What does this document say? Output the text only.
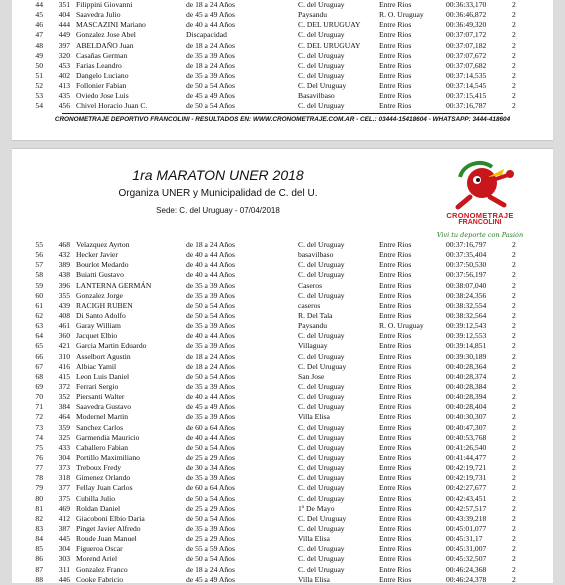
44	351 Filippini Giovanni	de 18 a 24 Años	C. del Uruguay	Entre Rios	00:36:33,170	2
45	404 Saavedra Julio	de 45 a 49 Años	Paysandu	R. O. Uruguay	00:36:46,872	2
46	444 MASCAZINI Mariano	de 40 a 44 Años	C. DEL URUGUAY Entre Rios	00:36:49,320	2
47	449 Gonzalez Jose Abel	Discapacidad	C. del Uruguay	Entre Rios	00:37:07,172	2
48	397 ABELDAÑO Juan	de 18 a 24 Años	C. DEL URUGUAY Entre Rios	00:37:07,182	2
49	320 Casañas German	de 35 a 39 Años	C. del Uruguay	Entre Rios	00:37:07,672	2
50	453 Farias Leandro	de 18 a 24 Años	C. del Uruguay	Entre Rios	00:37:07,682	2
51	402 Dangelo Luciano	de 35 a 39 Años	C. del Uruguay	Entre Rios	00:37:14,535	2
52	413 Follonier Fabian	de 50 a 54 Años	C. Del Uruguay	Entre Rios	00:37:14,545	2
53	435 Oviedo Jose Luis	de 45 a 49 Años	Basavilbaso	Entre Rios	00:37:15,415	2
54	456 Chivel Horacio Juan C.	de 50 a 54 Años	C. del Uruguay	Entre Rios	00:37:16,787	2
CRONOMETRAJE DEPORTIVO FRANCOLINI - RESULTADOS EN: WWW.CRONOMETRAJE.COM.AR - CEL.: 03444-15418604 - WHATSAPP: 3444-418604
1ra MARATON UNER 2018
Organiza UNER y Municipalidad de C. del U.
Sede: C. del Uruguay - 07/04/2018
CRONOMETRAJE
FRANCOLINI
Vivi tu deporte con Pasión
55	468 Velazquez Ayrton	de 18 a 24 Años	C. del Uruguay	Entre Rios	00:37:16,797	2
56	432 Hecker Javier	de 40 a 44 Años	basavilbaso	Entre Rios	00:37:35,404	2
57	389 Bourlot Medardo	de 40 a 44 Años	C. del Uruguay	Entre Rios	00:37:50,530	2
58	438 Buiatti Gustavo	de 40 a 44 Años	C. del Uruguay	Entre Rios	00:37:56,197	2
59	396 LANTERNA GERMÁN	de 35 a 39 Años	Caseros	Entre Rios	00:38:07,040	2
60	355 Gonzalez Jorge	de 35 a 39 Años	C. del Uruguay	Entre Rios	00:38:24,356	2
61	439 RACIGH RUBEN	de 50 a 54 Años	caseros	Entre Rios	00:38:32,554	2
62	408 Di Santo Adolfo	de 50 a 54 Años	R. Del Tala	Entre Rios	00:38:32,564	2
63	461 Garay William	de 35 a 39 Años	Paysandu	R. O. Uruguay	00:39:12,543	2
64	360 Jacquet Elbio	de 40 a 44 Años	C. del Uruguay	Entre Rios	00:39:12,553	2
65	421 Garcia Martin Eduardo	de 35 a 39 Años	Villaguay	Entre Rios	00:39:14,851	2
66	310 Asselbort Agustin	de 18 a 24 Años	C. del Uruguay	Entre Rios	00:39:30,189	2
67	416 Albiac Yamil	de 18 a 24 Años	C. Del Uruguay	Entre Rios	00:40:28,364	2
68	415 Leon Luis Daniel	de 50 a 54 Años	San Jose	Entre Rios	00:40:28,374	2
69	372 Ferrari Sergio	de 35 a 39 Años	C. del Uruguay	Entre Rios	00:40:28,384	2
70	352 Piersanti Walter	de 40 a 44 Años	C. del Uruguay	Entre Rios	00:40:28,394	2
71	384 Saavedra Gustavo	de 45 a 49 Años	C. del Uruguay	Entre Rios	00:40:28,404	2
72	464 Modernel Martin	de 35 a 39 Años	Villa Elisa	Entre Rios	00:40:30,307	2
73	359 Sanchez Carlos	de 60 a 64 Años	C. del Uruguay	Entre Rios	00:40:47,307	2
74	325 Garmendia Mauricio	de 40 a 44 Años	C. del Uruguay	Entre Rios	00:40:53,768	2
75	433 Caballero Fabian	de 50 a 54 Años	C. del Uruguay	Entre Rios	00:41:26,540	2
76	304 Portillo Maximiliano	de 25 a 29 Años	C. del Uruguay	Entre Rios	00:41:44,477	2
77	373 Treboux Fredy	de 30 a 34 Años	C. del Uruguay	Entre Rios	00:42:19,721	2
78	318 Gimenez Orlando	de 35 a 39 Años	C. del Uruguay	Entre Rios	00:42:19,731	2
79	377 Fellay Juan Carlos	de 60 a 64 Años	C. del Uruguay	Entre Rios	00:42:27,677	2
80	375 Cubilla Julio	de 50 a 54 Años	C. del Uruguay	Entre Rios	00:42:43,451	2
81	469 Roldan Daniel	de 25 a 29 Años	1º De Mayo	Entre Rios	00:42:57,517	2
82	412 Giacoboni Elbio Daria	de 50 a 54 Años	C. Del Uruguay	Entre Rios	00:43:39,218	2
83	387 Pinget Javier Alfredo	de 35 a 39 Años	C. del Uruguay	Entre Rios	00:45:01,077	2
84	445 Roude Juan Manuel	de 25 a 29 Años	Villa Elisa	Entre Rios	00:45:31,17	2
85	304 Figueroa Oscar	de 55 a 59 Años	C. del Uruguay	Entre Rios	00:45:31,007	2
86	303 Morend Ariel	de 50 a 54 Años	C. del Uruguay	Entre Rios	00:45:32,507	2
87	311 Gonzalez Franco	de 18 a 24 Años	C. del Uruguay	Entre Rios	00:46:24,368	2
88	446 Cooke Fabricio	de 45 a 49 Años	Villa Elisa	Entre Rios	00:46:24,378	2
